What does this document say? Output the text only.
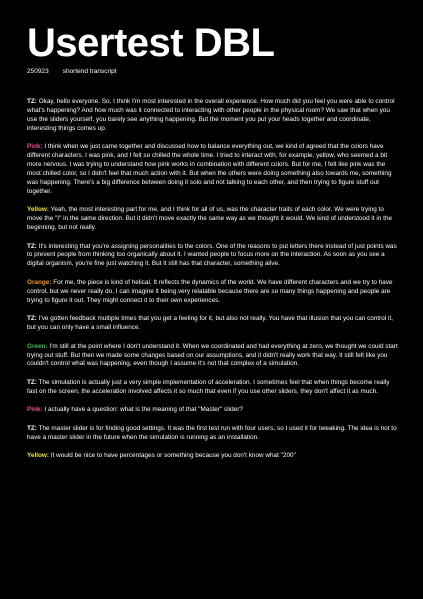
Usertest DBL
250923 shortend transcript

TZ: Okay, hello everyone. So, I think I'm most interested in the overall experience. How much did you feel you were able to control what's happening? And how much was it connected to interacting with other people in the physical room? We saw that when you use the sliders yourself, you barely see anything happening. But the moment you put your heads together and coordinate, interesting things comes up.

Pink: I think when we just came together and discussed how to balance everything out, we kind of agreed that the colors have different characters. I was pink, and I felt so chilled the whole time. I tried to interact with, for example, yellow, who seemed a bit more nervous. I was trying to understand how pink works in combination with different colors. But for me, I felt like pink was the most chilled color, so I didn't feel that much action with it. But when the others were doing something also towards me, something was happening. There's a big difference between doing it solo and not talking to each other, and then trying to figure stuff out together.

Yellow: Yeah, the most interesting part for me, and I think for all of us, was the character traits of each color. We were trying to move the "I" in the same direction. But it didn't move exactly the same way as we thought it would. We kind of understood it in the beginning, but not really.

TZ: It's interesting that you're assigning personalities to the colors. One of the reasons to put letters there instead of just points was to prevent people from thinking too organically about it. I wanted people to focus more on the interaction. As soon as you see a digital organism, you're fine just watching it. But it still has that character, something alive.

Orange: For me, the piece is kind of helical. It reflects the dynamics of the world. We have different characters and we try to have control, but we never really do. I can imagine it being very relatable because there are so many things happening and people are trying to figure it out. They might connect it to their own experiences.

TZ: I've gotten feedback multiple times that you get a feeling for it, but also not really. You have that illusion that you can control it, but you can only have a small influence.

Green: I'm still at the point where I don't understand it. When we coordinated and had everything at zero, we thought we could start trying out stuff. But then we made some changes based on our assumptions, and it didn't really work that way. It still felt like you couldn't control what was happening, even though I assume it's not that complex of a simulation.

TZ: The simulation is actually just a very simple implementation of acceleration. I sometimes feel that when things become really fast on the screen, the acceleration involved affects it so much that even if you use other sliders, they don't affect it as much.

Pink: I actually have a question: what is the meaning of that "Master" slider?

TZ: The master slider is for finding good settings. It was the first test run with four users, so I used it for tweaking. The idea is not to have a master slider in the future when the simulation is running as an installation.

Yellow: It would be nice to have percentages or something because you don't know what "200"
